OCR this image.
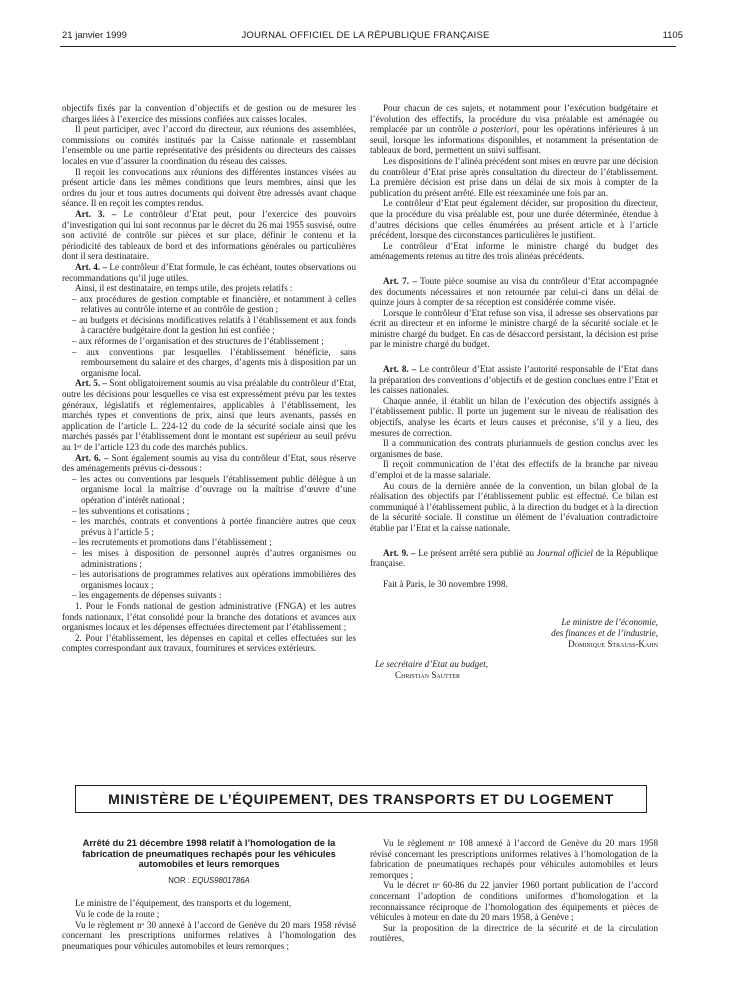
21 janvier 1999	JOURNAL OFFICIEL DE LA RÉPUBLIQUE FRANÇAISE	1105

objectifs fixés par la convention d’objectifs et de gestion ou de mesurer les charges liées à l’exercice des missions confiées aux caisses locales.

Il peut participer, avec l’accord du directeur, aux réunions des assemblées, commissions ou comités institués par la Caisse nationale et rassemblant l’ensemble ou une partie représentative des présidents ou directeurs des caisses locales en vue d’assurer la coordination du réseau des caisses.

Il reçoit les convocations aux réunions des différentes instances visées au présent article dans les mêmes conditions que leurs membres, ainsi que les ordres du jour et tous autres documents qui doivent être adressés avant chaque séance. Il en reçoit les comptes rendus.

Art. 3. – Le contrôleur d’Etat peut, pour l’exercice des pouvoirs d’investigation qui lui sont reconnus par le décret du 26 mai 1955 susvisé, outre son activité de contrôle sur pièces et sur place, définir le contenu et la périodicité des tableaux de bord et des informations générales ou particulières dont il sera destinataire.

Art. 4. – Le contrôleur d’Etat formule, le cas échéant, toutes observations ou recommandations qu’il juge utiles.

Ainsi, il est destinataire, en temps utile, des projets relatifs :

– aux procédures de gestion comptable et financière, et notamment à celles relatives au contrôle interne et au contrôle de gestion ;

– au budgets et décisions modificatives relatifs à l’établissement et aux fonds à caractère budgétaire dont la gestion lui est confiée ;

– aux réformes de l’organisation et des structures de l’établissement ;

– aux conventions par lesquelles l’établissement bénéficie, sans remboursement du salaire et des charges, d’agents mis à disposition par un organisme local.

Art. 5. – Sont obligatoirement soumis au visa préalable du contrôleur d’Etat, outre les décisions pour lesquelles ce visa est expressément prévu par les textes généraux, législatifs et réglementaires, applicables à l’établissement, les marchés types et conventions de prix, ainsi que leurs avenants, passés en application de l’article L. 224-12 du code de la sécurité sociale ainsi que les marchés passés par l’établissement dont le montant est supérieur au seuil prévu au 1ᵉʳ de l’article 123 du code des marchés publics.

Art. 6. – Sont également soumis au visa du contrôleur d’Etat, sous réserve des aménagements prévus ci-dessous :

– les actes ou conventions par lesquels l’établissement public délègue à un organisme local la maîtrise d’ouvrage ou la maîtrise d’œuvre d’une opération d’intérêt national ;

– les subventions et cotisations ;

– les marchés, contrats et conventions à portée financière autres que ceux prévus à l’article 5 ;

– les recrutements et promotions dans l’établissement ;

– les mises à disposition de personnel auprès d’autres organismes ou administrations ;

– les autorisations de programmes relatives aux opérations immobilières des organismes locaux ;

– les engagements de dépenses suivants :

1. Pour le Fonds national de gestion administrative (FNGA) et les autres fonds nationaux, l’état consolidé pour la branche des dotations et avances aux organismes locaux et les dépenses effectuées directement par l’établissement ;

2. Pour l’établissement, les dépenses en capital et celles effectuées sur les comptes correspondant aux travaux, fournitures et services extérieurs.

Pour chacun de ces sujets, et notamment pour l’exécution budgétaire et l’évolution des effectifs, la procédure du visa préalable est aménagée ou remplacée par un contrôle a posteriori, pour les opérations inférieures à un seuil, lorsque les informations disponibles, et notamment la présentation de tableaux de bord, permettent un suivi suffisant.

Les dispositions de l’alinéa précédent sont mises en œuvre par une décision du contrôleur d’Etat prise après consultation du directeur de l’établissement. La première décision est prise dans un délai de six mois à compter de la publication du présent arrêté. Elle est réexaminée une fois par an.

Le contrôleur d’Etat peut également décider, sur proposition du directeur, que la procédure du visa préalable est, pour une durée déterminée, étendue à d’autres décisions que celles énumérées au présent article et à l’article précédent, lorsque des circonstances particulières le justifient.

Le contrôleur d’Etat informe le ministre chargé du budget des aménagements retenus au titre des trois alinéas précédents.

Art. 7. – Toute pièce soumise au visa du contrôleur d’Etat accompagnée des documents nécessaires et non retournée par celui-ci dans un délai de quinze jours à compter de sa réception est considérée comme visée.

Lorsque le contrôleur d’Etat refuse son visa, il adresse ses observations par écrit au directeur et en informe le ministre chargé de la sécurité sociale et le ministre chargé du budget. En cas de désaccord persistant, la décision est prise par le ministre chargé du budget.

Art. 8. – Le contrôleur d’Etat assiste l’autorité responsable de l’Etat dans la préparation des conventions d’objectifs et de gestion conclues entre l’Etat et les caisses nationales.

Chaque année, il établit un bilan de l’exécution des objectifs assignés à l’établissement public. Il porte un jugement sur le niveau de réalisation des objectifs, analyse les écarts et leurs causes et préconise, s’il y a lieu, des mesures de correction.

Il a communication des contrats pluriannuels de gestion conclus avec les organismes de base.

Il reçoit communication de l’état des effectifs de la branche par niveau d’emploi et de la masse salariale.

Au cours de la dernière année de la convention, un bilan global de la réalisation des objectifs par l’établissement public est effectué. Ce bilan est communiqué à l’établissement public, à la direction du budget et à la direction de la sécurité sociale. Il constitue un élément de l’évaluation contradictoire établie par l’Etat et la caisse nationale.

Art. 9. – Le présent arrêté sera publié au Journal officiel de la République française.

Fait à Paris, le 30 novembre 1998.

Le ministre de l’économie,
des finances et de l’industrie,
Dominique Strauss-Kahn
Le secrétaire d’Etat au budget,
Christian Sautter
MINISTÈRE DE L’ÉQUIPEMENT, DES TRANSPORTS ET DU LOGEMENT
Arrêté du 21 décembre 1998 relatif à l’homologation de la fabrication de pneumatiques rechapés pour les véhicules automobiles et leurs remorques
NOR : EQUS9801786A

Le ministre de l’équipement, des transports et du logement,

Vu le code de la route ;

Vu le règlement nᵒ 30 annexé à l’accord de Genève du 20 mars 1958 révisé concernant les prescriptions uniformes relatives à l’homologation des pneumatiques pour véhicules automobiles et leurs remorques ;

Vu le règlement nᵒ 108 annexé à l’accord de Genève du 20 mars 1958 révisé concernant les prescriptions uniformes relatives à l’homologation de la fabrication de pneumatiques rechapés pour véhicules automobiles et leurs remorques ;

Vu le décret nᵒ 60-86 du 22 janvier 1960 portant publication de l’accord concernant l’adoption de conditions uniformes d’homologation et la reconnaissance réciproque de l’homologation des équipements et pièces de véhicules à moteur en date du 20 mars 1958, à Genève ;

Sur la proposition de la directrice de la sécurité et de la circulation routières,
